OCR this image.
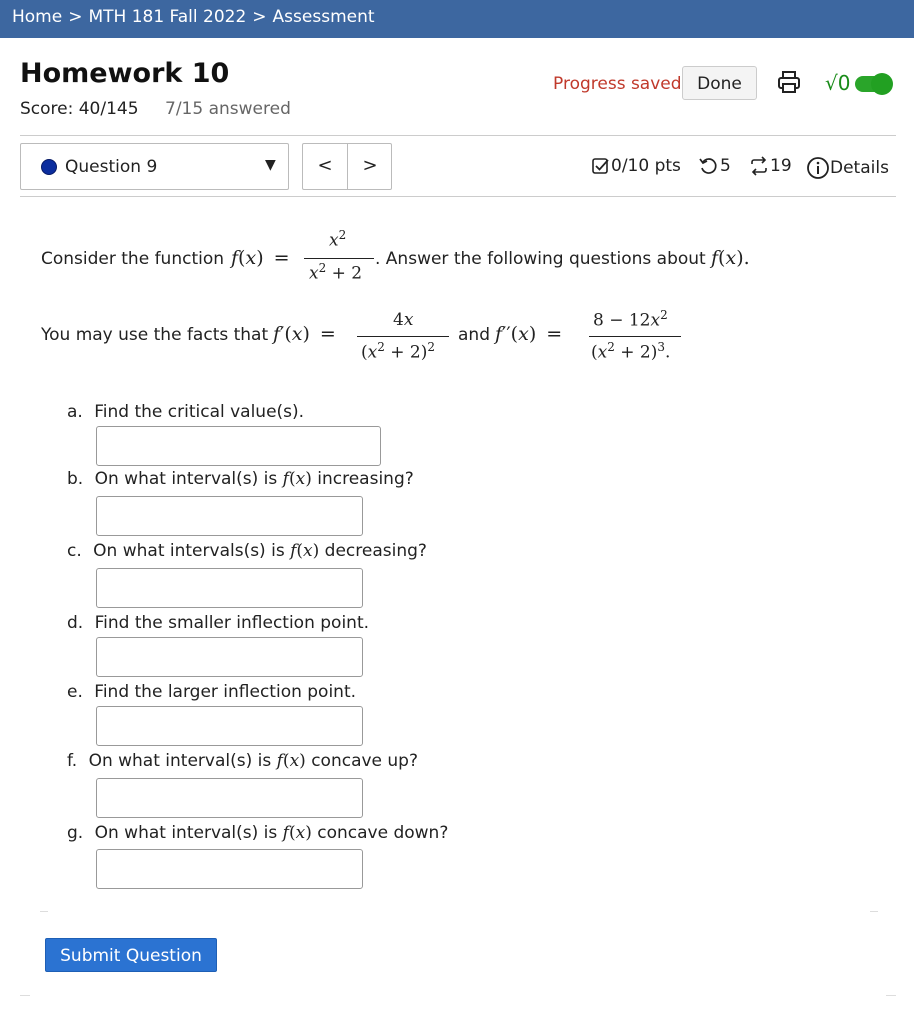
Home > MTH 181 Fall 2022 > Assessment
Homework 10
Score: 40/145 7/15 answered
Progress saved Done	√0
Question 9	▼	<	>	0/10 pts	5	19	Details
Consider the function f(x) =
$x^2$
$x^2 + 2$
. Answer the following questions about f(x).
You may use the facts that f′(x) =
4x
$(x^2 + 2)^2$
and f′′(x) =
$8 - 12x^2$
$(x^2 + 2)^3$.
a. Find the critical value(s).
b. On what interval(s) is f(x) increasing?
c. On what intervals(s) is f(x) decreasing?
d. Find the smaller inflection point.
e. Find the larger inflection point.
f. On what interval(s) is f(x) concave up?
g. On what interval(s) is f(x) concave down?
Submit Question
